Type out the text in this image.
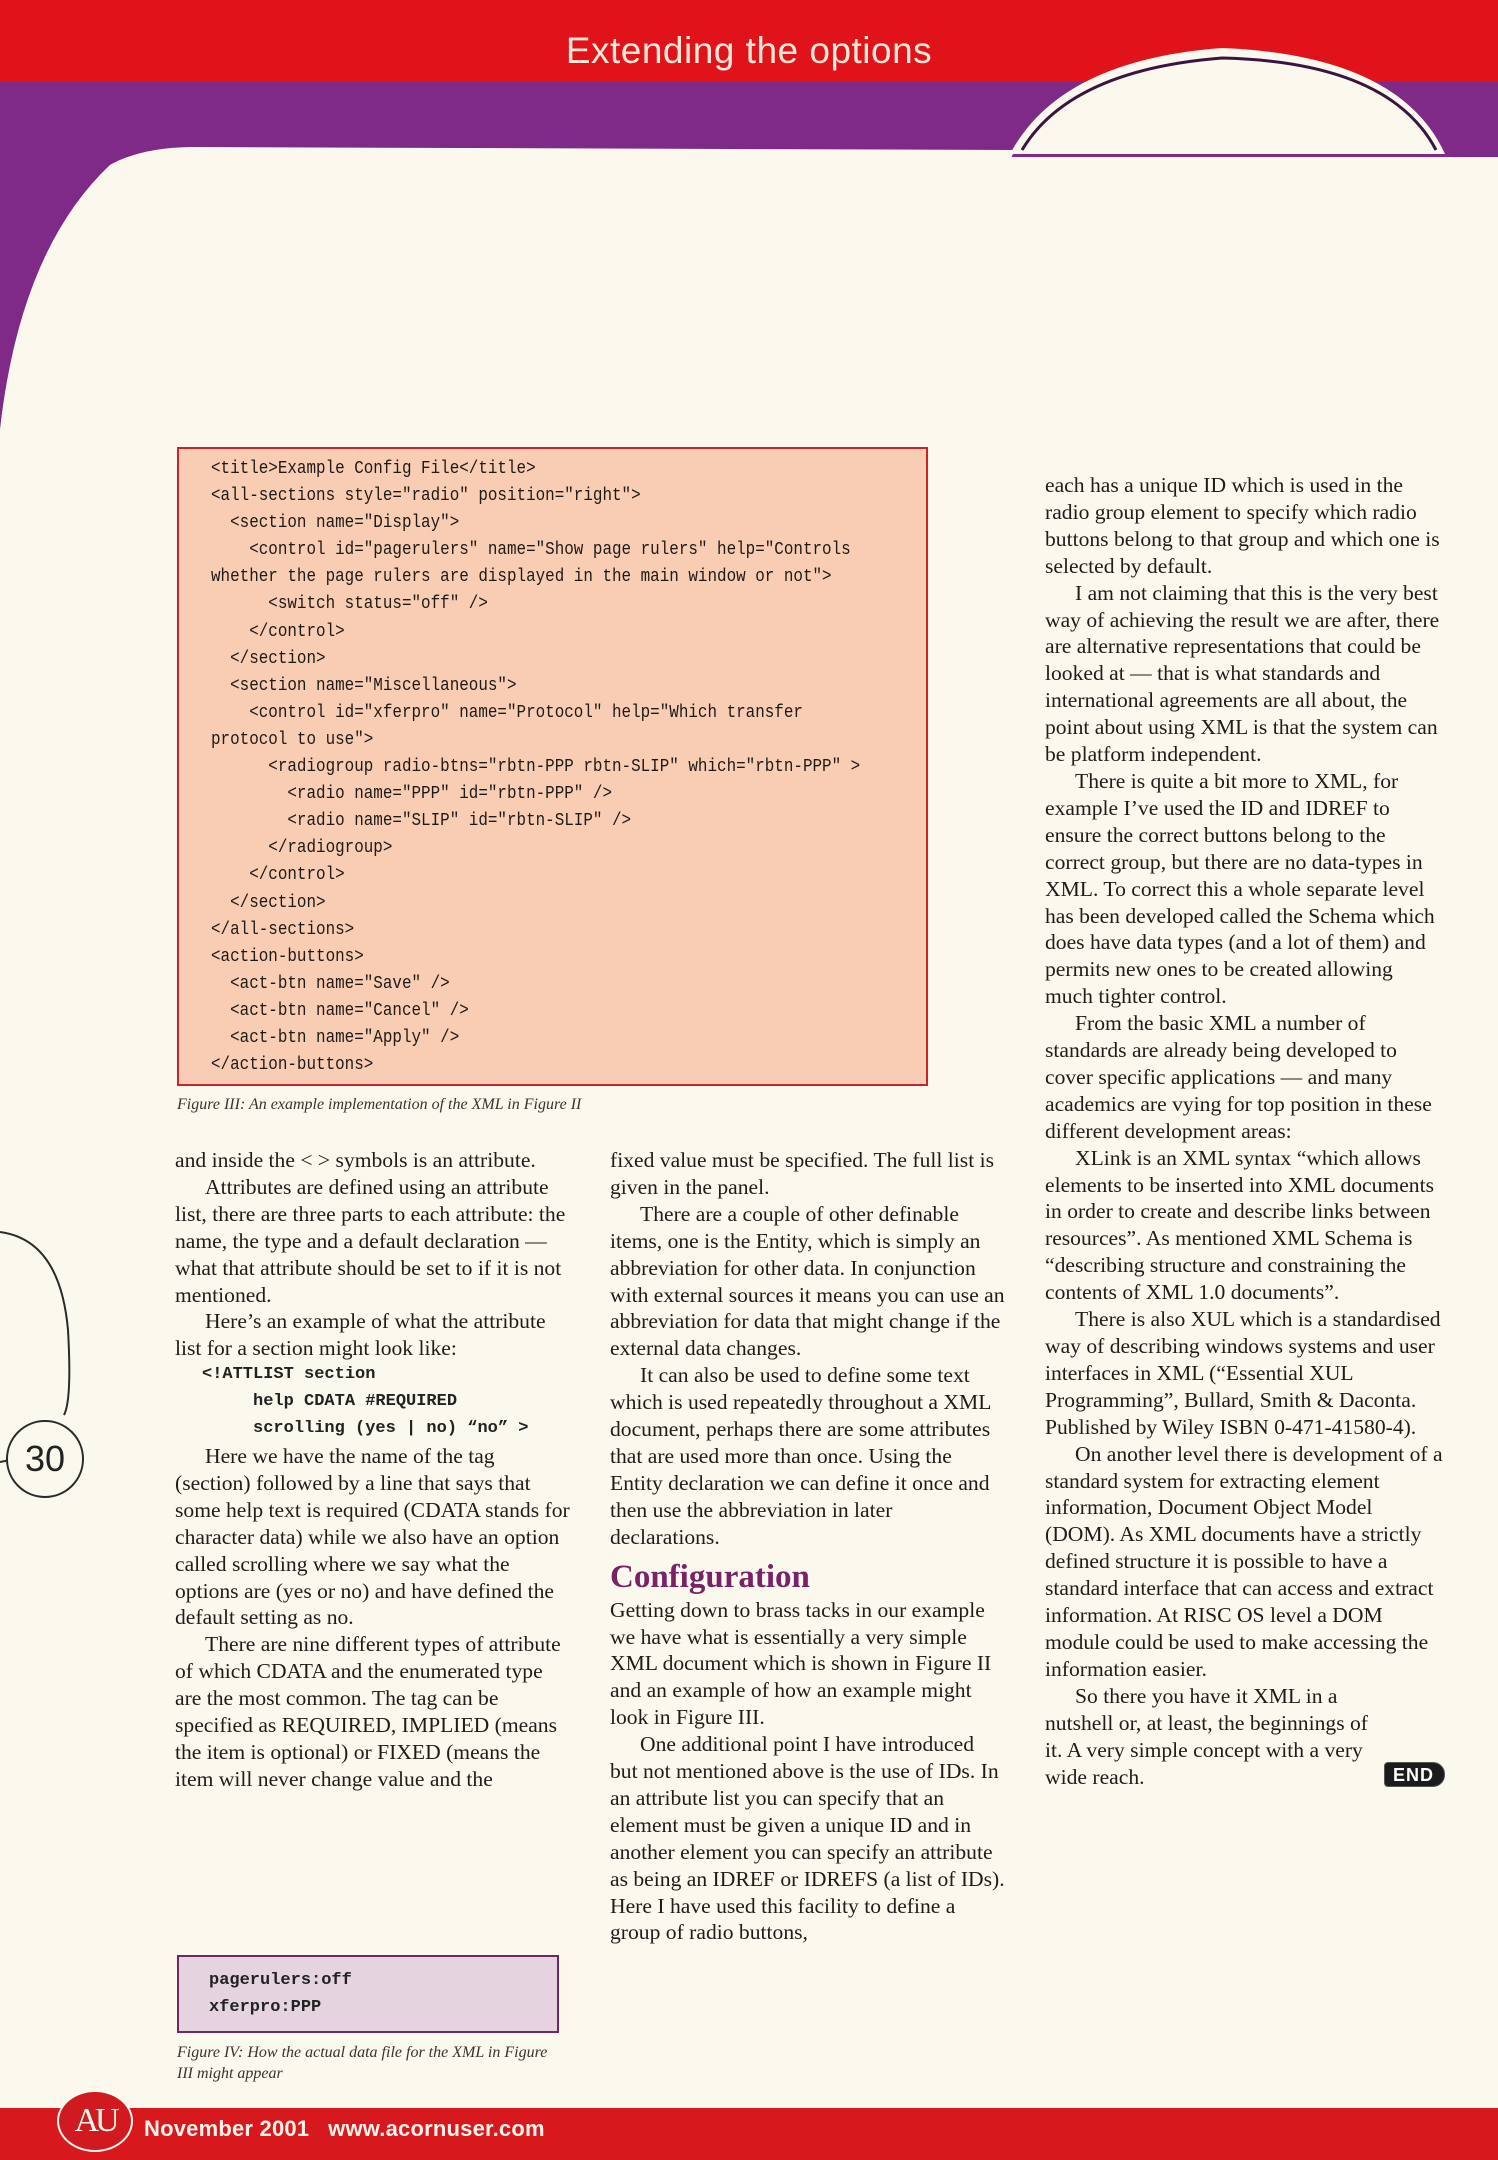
Extending the options
<title>Example Config File</title>
<all-sections style="radio" position="right">
<section name="Display">
<control id="pagerulers" name="Show page rulers" help="Controls
whether the page rulers are displayed in the main window or not">
<switch status="off" />
</control>
</section>
<section name="Miscellaneous">
<control id="xferpro" name="Protocol" help="Which transfer
protocol to use">
<radiogroup radio-btns="rbtn-PPP rbtn-SLIP" which="rbtn-PPP" >
<radio name="PPP" id="rbtn-PPP" />
<radio name="SLIP" id="rbtn-SLIP" />
</radiogroup>
</control>
</section>
</all-sections>
<action-buttons>
<act-btn name="Save" />
<act-btn name="Cancel" />
<act-btn name="Apply" />
</action-buttons>
Figure III: An example implementation of the XML in Figure II

and inside the < > symbols is an attribute.

Attributes are defined using an attribute list, there are three parts to each attribute: the name, the type and a default declaration — what that attribute should be set to if it is not mentioned.

Here’s an example of what the attribute list for a section might look like:

<!ATTLIST section
help CDATA #REQUIRED
scrolling (yes | no) “no” >

Here we have the name of the tag (section) followed by a line that says that some help text is required (CDATA stands for character data) while we also have an option called scrolling where we say what the options are (yes or no) and have defined the default setting as no.

There are nine different types of attribute of which CDATA and the enumerated type are the most common. The tag can be specified as REQUIRED, IMPLIED (means the item is optional) or FIXED (means the item will never change value and the

pagerulers:off
xferpro:PPP
Figure IV: How the actual data file for the XML in Figure III might appear

fixed value must be specified. The full list is given in the panel.

There are a couple of other definable items, one is the Entity, which is simply an abbreviation for other data. In conjunction with external sources it means you can use an abbreviation for data that might change if the external data changes.

It can also be used to define some text which is used repeatedly throughout a XML document, perhaps there are some attributes that are used more than once. Using the Entity declaration we can define it once and then use the abbreviation in later declarations.

Configuration

Getting down to brass tacks in our example we have what is essentially a very simple XML document which is shown in Figure II and an example of how an example might look in Figure III.

One additional point I have introduced but not mentioned above is the use of IDs. In an attribute list you can specify that an element must be given a unique ID and in another element you can specify an attribute as being an IDREF or IDREFS (a list of IDs). Here I have used this facility to define a group of radio buttons,

each has a unique ID which is used in the radio group element to specify which radio buttons belong to that group and which one is selected by default.

I am not claiming that this is the very best way of achieving the result we are after, there are alternative representations that could be looked at — that is what standards and international agreements are all about, the point about using XML is that the system can be platform independent.

There is quite a bit more to XML, for example I’ve used the ID and IDREF to ensure the correct buttons belong to the correct group, but there are no data-types in XML. To correct this a whole separate level has been developed called the Schema which does have data types (and a lot of them) and permits new ones to be created allowing much tighter control.

From the basic XML a number of standards are already being developed to cover specific applications — and many academics are vying for top position in these different development areas:

XLink is an XML syntax “which allows elements to be inserted into XML documents in order to create and describe links between resources”. As mentioned XML Schema is “describing structure and constraining the contents of XML 1.0 documents”.

There is also XUL which is a standardised way of describing windows systems and user interfaces in XML (“Essential XUL Programming”, Bullard, Smith & Daconta. Published by Wiley ISBN 0-471-41580-4).

On another level there is development of a standard system for extracting element information, Document Object Model (DOM). As XML documents have a strictly defined structure it is possible to have a standard interface that can access and extract information. At RISC OS level a DOM module could be used to make accessing the information easier.

So there you have it XML in a nutshell or, at least, the beginnings of it. A very simple concept with a very wide reach.	END
30
AU	November 2001   www.acornuser.com
